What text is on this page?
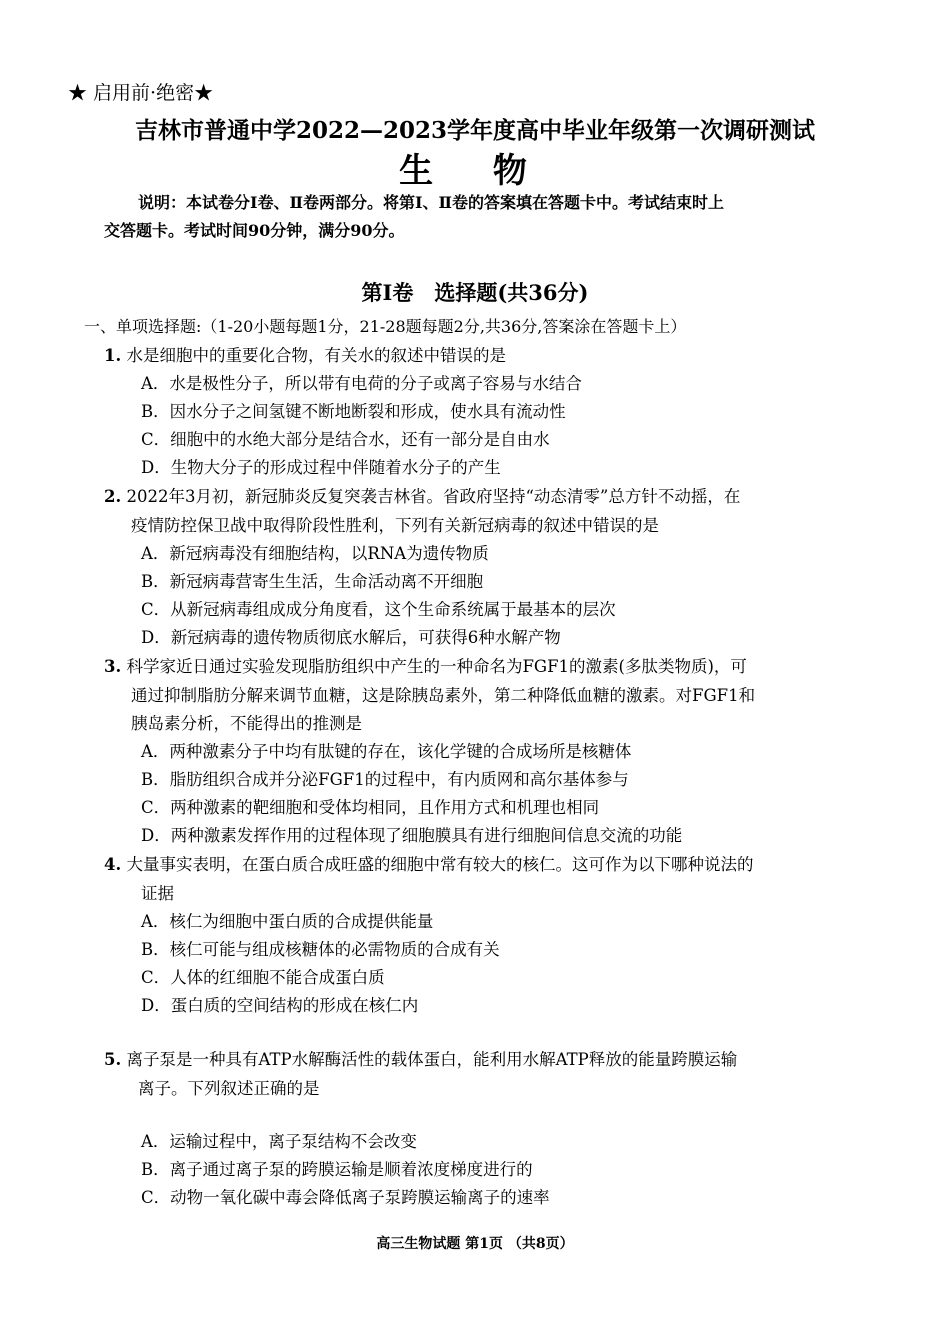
★ 启用前·绝密★
吉林市普通中学2022—2023学年度高中毕业年级第一次调研测试
生 物
说明：本试卷分Ⅰ卷、Ⅱ卷两部分。将第Ⅰ、Ⅱ卷的答案填在答题卡中。考试结束时上
交答题卡。考试时间90分钟，满分90分。
第Ⅰ卷　选择题(共36分)
一、单项选择题:（1-20小题每题1分，21-28题每题2分,共36分,答案涂在答题卡上）
1. 水是细胞中的重要化合物，有关水的叙述中错误的是
A．水是极性分子，所以带有电荷的分子或离子容易与水结合
B．因水分子之间氢键不断地断裂和形成，使水具有流动性
C．细胞中的水绝大部分是结合水，还有一部分是自由水
D．生物大分子的形成过程中伴随着水分子的产生
2. 2022年3月初，新冠肺炎反复突袭吉林省。省政府坚持“动态清零”总方针不动摇，在
疫情防控保卫战中取得阶段性胜利，下列有关新冠病毒的叙述中错误的是
A．新冠病毒没有细胞结构，以RNA为遗传物质
B．新冠病毒营寄生生活，生命活动离不开细胞
C．从新冠病毒组成成分角度看，这个生命系统属于最基本的层次
D．新冠病毒的遗传物质彻底水解后，可获得6种水解产物
3. 科学家近日通过实验发现脂肪组织中产生的一种命名为FGF1的激素(多肽类物质)，可
通过抑制脂肪分解来调节血糖，这是除胰岛素外，第二种降低血糖的激素。对FGF1和
胰岛素分析，不能得出的推测是
A．两种激素分子中均有肽键的存在，该化学键的合成场所是核糖体
B．脂肪组织合成并分泌FGF1的过程中，有内质网和高尔基体参与
C．两种激素的靶细胞和受体均相同，且作用方式和机理也相同
D．两种激素发挥作用的过程体现了细胞膜具有进行细胞间信息交流的功能
4. 大量事实表明，在蛋白质合成旺盛的细胞中常有较大的核仁。这可作为以下哪种说法的
证据
A．核仁为细胞中蛋白质的合成提供能量
B．核仁可能与组成核糖体的必需物质的合成有关
C．人体的红细胞不能合成蛋白质
D．蛋白质的空间结构的形成在核仁内
5. 离子泵是一种具有ATP水解酶活性的载体蛋白，能利用水解ATP释放的能量跨膜运输
离子。下列叙述正确的是
A．运输过程中，离子泵结构不会改变
B．离子通过离子泵的跨膜运输是顺着浓度梯度进行的
C．动物一氧化碳中毒会降低离子泵跨膜运输离子的速率
高三生物试题 第1页 （共8页）
